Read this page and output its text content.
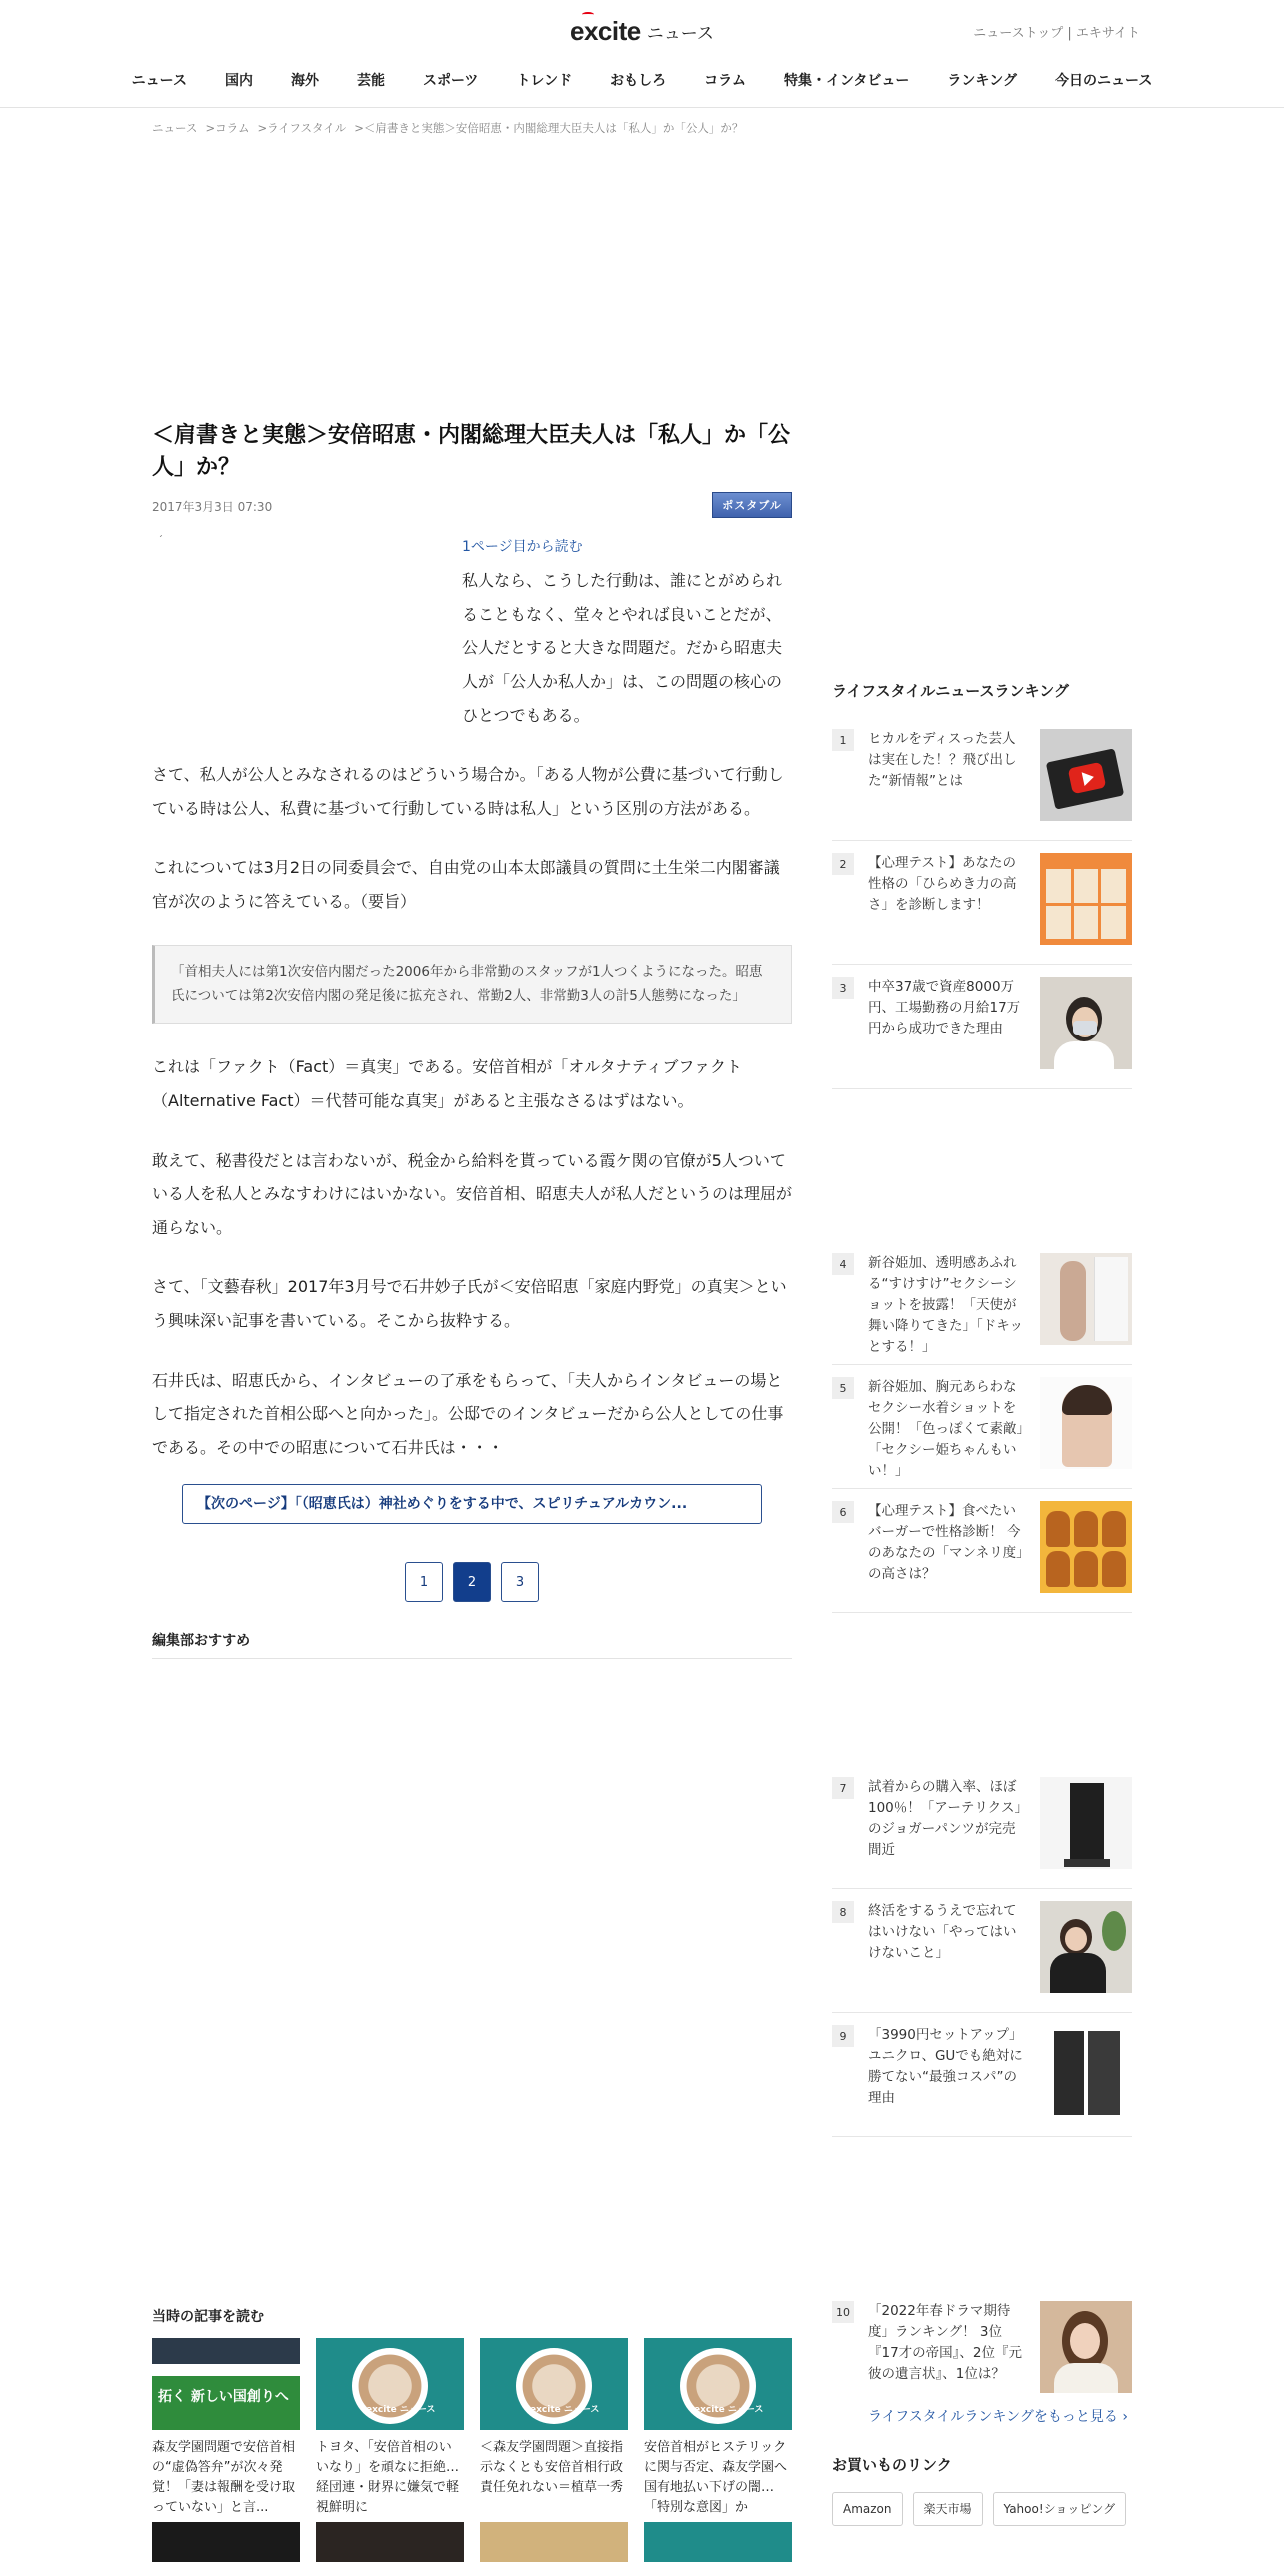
excite ニュース	ニューストップ | エキサイト
ニュース	国内	海外	芸能	スポーツ	トレンド	おもしろ	コラム	特集・インタビュー	ランキング	今日のニュース
ニュース >コラム >ライフスタイル >＜肩書きと実態＞安倍昭恵・内閣総理大臣夫人は「私人」か「公人」か？
＜肩書きと実態＞安倍昭恵・内閣総理大臣夫人は「私人」か「公人」か？
2017年3月3日 07:30	ポスタブル
´	1ページ目から読む

私人なら、こうした行動は、誰にとがめられることもなく、堂々とやれば良いことだが、公人だとすると大きな問題だ。だから昭恵夫人が「公人か私人か」は、この問題の核心のひとつでもある。

さて、私人が公人とみなされるのはどういう場合か。「ある人物が公費に基づいて行動している時は公人、私費に基づいて行動している時は私人」という区別の方法がある。

これについては3月2日の同委員会で、自由党の山本太郎議員の質問に土生栄二内閣審議官が次のように答えている。（要旨）

「首相夫人には第1次安倍内閣だった2006年から非常勤のスタッフが1人つくようになった。昭恵氏については第2次安倍内閣の発足後に拡充され、常勤2人、非常勤3人の計5人態勢になった」

これは「ファクト（Fact）＝真実」である。安倍首相が「オルタナティブファクト（Alternative Fact）＝代替可能な真実」があると主張なさるはずはない。

敢えて、秘書役だとは言わないが、税金から給料を貰っている霞ケ関の官僚が5人ついている人を私人とみなすわけにはいかない。安倍首相、昭恵夫人が私人だというのは理屈が通らない。

さて、「文藝春秋」2017年3月号で石井妙子氏が＜安倍昭恵「家庭内野党」の真実＞という興味深い記事を書いている。そこから抜粋する。

石井氏は、昭恵氏から、インタビューの了承をもらって、「夫人からインタビューの場として指定された首相公邸へと向かった」。公邸でのインタビューだから公人としての仕事である。その中での昭恵について石井氏は・・・

【次のページ】「（昭恵氏は）神社めぐりをする中で、スピリチュアルカウン...
1	2	3
編集部おすすめ
当時の記事を読む
拓く 新しい国創りへ
森友学園問題で安倍首相の“虚偽答弁”が次々発覚！「妻は報酬を受け取っていない」と言...
excite ニュース
トヨタ、「安倍首相のいいなり」を頑なに拒絶…経団連・財界に嫌気で軽視鮮明に
excite ニュース
＜森友学園問題＞直接指示なくとも安倍首相行政責任免れない＝植草一秀
excite ニュース
安倍首相がヒステリックに関与否定、森友学園へ国有地払い下げの闇…「特別な意図」か
ライフスタイルニュースランキング
1	ヒカルをディスった芸人は実在した！？飛び出した“新情報”とは
2	【心理テスト】あなたの性格の「ひらめき力の高さ」を診断します！
3	中卒37歳で資産8000万円、工場勤務の月給17万円から成功できた理由
4	新谷姫加、透明感あふれる“すけすけ”セクシーショットを披露！「天使が舞い降りてきた」「ドキッとする！」
5	新谷姫加、胸元あらわなセクシー水着ショットを公開！「色っぽくて素敵」「セクシー姫ちゃんもいい！」
6	【心理テスト】食べたいバーガーで性格診断！ 今のあなたの「マンネリ度」の高さは？
7	試着からの購入率、ほぼ100％！「アーテリクス」のジョガーパンツが完売間近
8	終活をするうえで忘れてはいけない「やってはいけないこと」
9	「3990円セットアップ」ユニクロ、GUでも絶対に勝てない“最強コスパ”の理由
10 「2022年春ドラマ期待度」ランキング！ 3位『17才の帝国』、2位『元彼の遺言状』、1位は？
ライフスタイルランキングをもっと見る ›
お買いものリンク
Amazon	楽天市場	Yahoo!ショッピング
